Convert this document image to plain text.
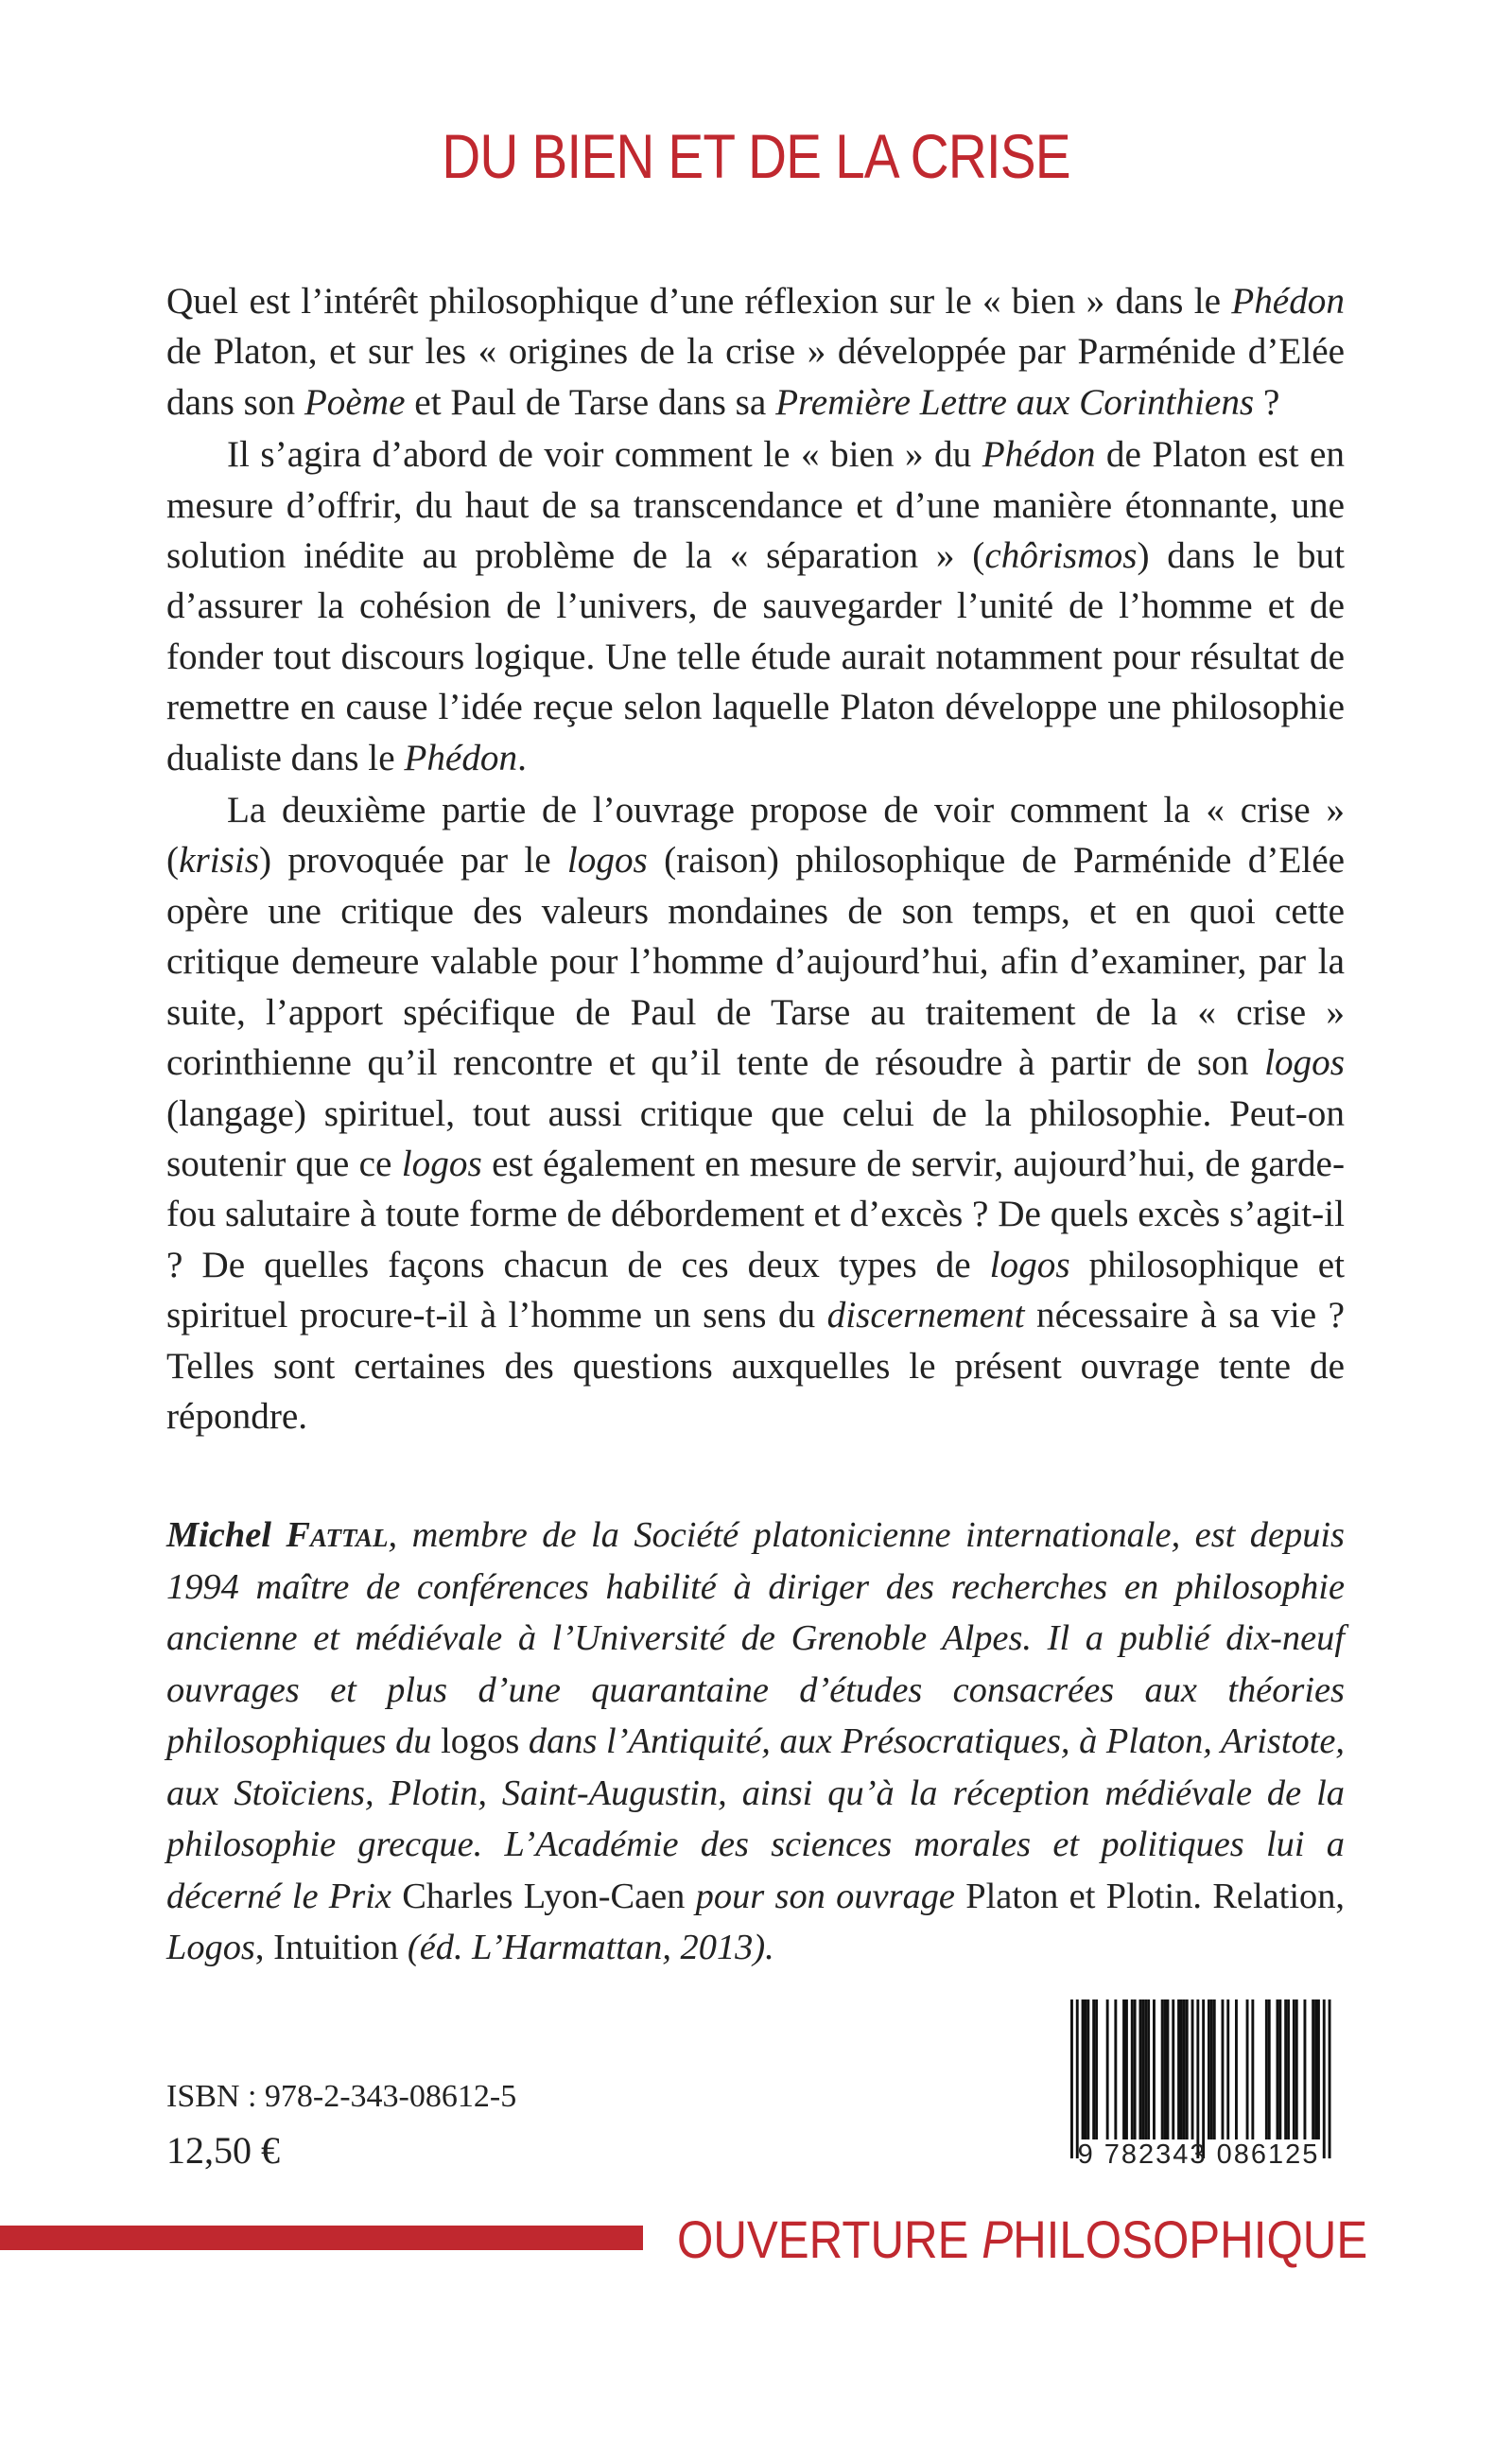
DU BIEN ET DE LA CRISE

Quel est l’intérêt philosophique d’une réflexion sur le « bien » dans le Phédon de Platon, et sur les « origines de la crise » développée par Parménide d’Elée dans son Poème et Paul de Tarse dans sa Première Lettre aux Corinthiens ?

Il s’agira d’abord de voir comment le « bien » du Phédon de Platon est en mesure d’offrir, du haut de sa transcendance et d’une manière étonnante, une solution inédite au problème de la « séparation » (chôrismos) dans le but d’assurer la cohésion de l’univers, de sauvegarder l’unité de l’homme et de fonder tout discours logique. Une telle étude aurait notamment pour résultat de remettre en cause l’idée reçue selon laquelle Platon développe une philosophie dualiste dans le Phédon.

La deuxième partie de l’ouvrage propose de voir comment la « crise » (krisis) provoquée par le logos (raison) philosophique de Parménide d’Elée opère une critique des valeurs mondaines de son temps, et en quoi cette critique demeure valable pour l’homme d’aujourd’hui, afin d’examiner, par la suite, l’apport spécifique de Paul de Tarse au traitement de la « crise » corinthienne qu’il rencontre et qu’il tente de résoudre à partir de son logos (langage) spirituel, tout aussi critique que celui de la philosophie. Peut-on soutenir que ce logos est également en mesure de servir, aujourd’hui, de garde-fou salutaire à toute forme de débordement et d’excès ? De quels excès s’agit-il ? De quelles façons chacun de ces deux types de logos philosophique et spirituel procure-t-il à l’homme un sens du discernement nécessaire à sa vie ? Telles sont certaines des questions auxquelles le présent ouvrage tente de répondre.

Michel Fattal, membre de la Société platonicienne internationale, est depuis 1994 maître de conférences habilité à diriger des recherches en philosophie ancienne et médiévale à l’Université de Grenoble Alpes. Il a publié dix-neuf ouvrages et plus d’une quarantaine d’études consacrées aux théories philosophiques du logos dans l’Antiquité, aux Présocratiques, à Platon, Aristote, aux Stoïciens, Plotin, Saint-Augustin, ainsi qu’à la réception médiévale de la philosophie grecque. L’Académie des sciences morales et politiques lui a décerné le Prix Charles Lyon-Caen pour son ouvrage Platon et Plotin. Relation, Logos, Intuition (éd. L’Harmattan, 2013).
ISBN : 978-2-343-08612-5
12,50 €	9 782343 086125
OUVERTURE PHILOSOPHIQUE
